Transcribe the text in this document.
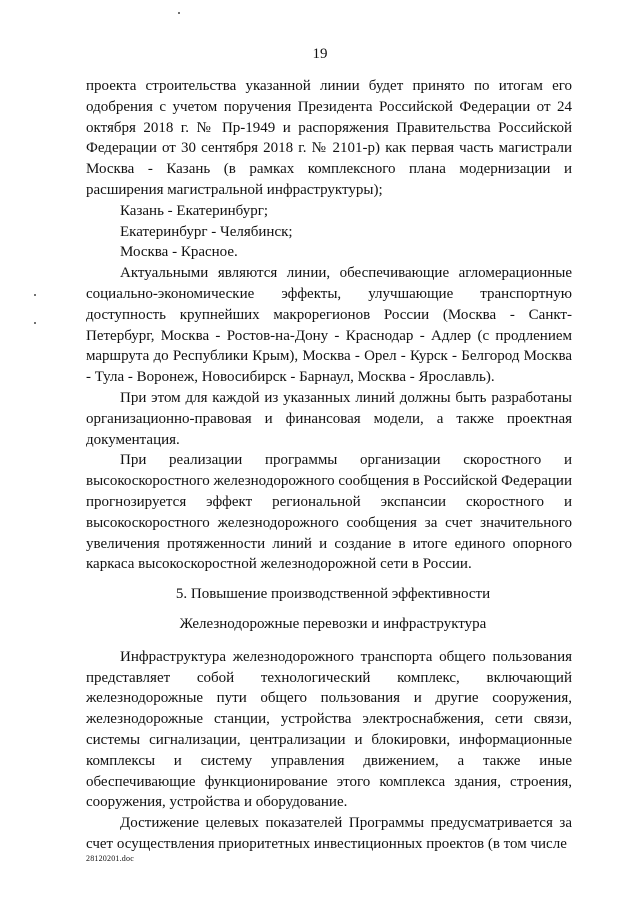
19

проекта строительства указанной линии будет принято по итогам его одобрения с учетом поручения Президента Российской Федерации от 24 октября 2018 г. № Пр-1949 и распоряжения Правительства Российской Федерации от 30 сентября 2018 г. № 2101-р) как первая часть магистрали Москва - Казань (в рамках комплексного плана модернизации и расширения магистральной инфраструктуры);

Казань - Екатеринбург;

Екатеринбург - Челябинск;

Москва - Красное.

Актуальными являются линии, обеспечивающие агломерационные социально-экономические эффекты, улучшающие транспортную доступность крупнейших макрорегионов России (Москва - Санкт-Петербург, Москва - Ростов-на-Дону - Краснодар - Адлер (с продлением маршрута до Республики Крым), Москва - Орел - Курск - Белгород Москва - Тула - Воронеж, Новосибирск - Барнаул, Москва - Ярославль).

При этом для каждой из указанных линий должны быть разработаны организационно-правовая и финансовая модели, а также проектная документация.

При реализации программы организации скоростного и высокоскоростного железнодорожного сообщения в Российской Федерации прогнозируется эффект региональной экспансии скоростного и высокоскоростного железнодорожного сообщения за счет значительного увеличения протяженности линий и создание в итоге единого опорного каркаса высокоскоростной железнодорожной сети в России.

5. Повышение производственной эффективности
Железнодорожные перевозки и инфраструктура

Инфраструктура железнодорожного транспорта общего пользования представляет собой технологический комплекс, включающий железнодорожные пути общего пользования и другие сооружения, железнодорожные станции, устройства электроснабжения, сети связи, системы сигнализации, централизации и блокировки, информационные комплексы и систему управления движением, а также иные обеспечивающие функционирование этого комплекса здания, строения, сооружения, устройства и оборудование.

Достижение целевых показателей Программы предусматривается за счет осуществления приоритетных инвестиционных проектов (в том числе

28120201.doc
